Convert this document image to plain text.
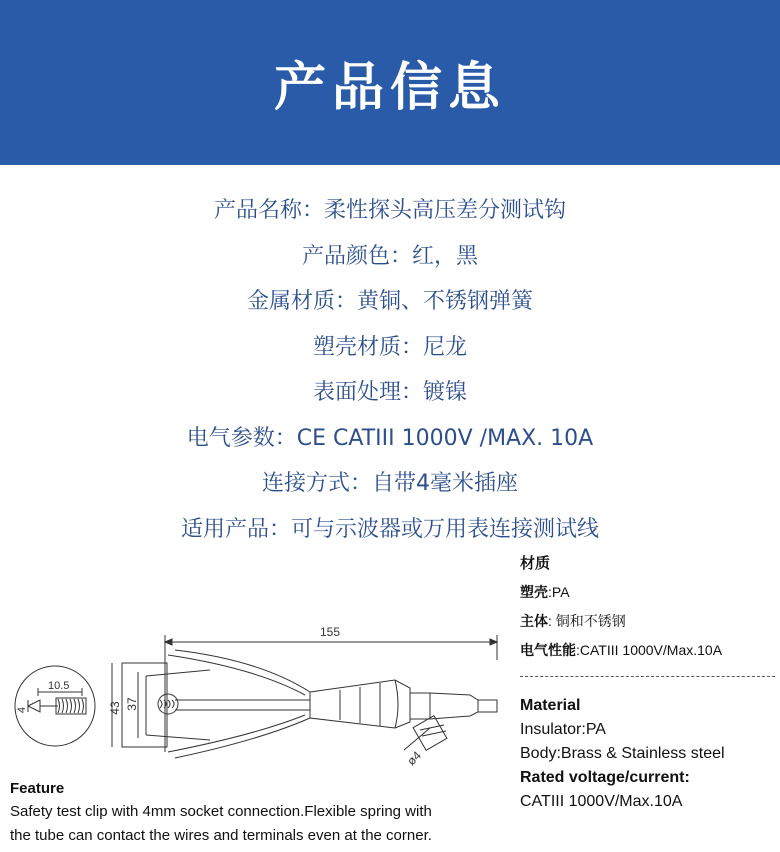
产品信息
产品名称：柔性探头高压差分测试钩
产品颜色：红，黑
金属材质：黄铜、不锈钢弹簧
塑壳材质：尼龙
表面处理：镀镍
电气参数：CE CATIII 1000V /MAX. 10A
连接方式：自带4毫米插座
适用产品：可与示波器或万用表连接测试线
155
43 37
10.5
4
ø4
材质
塑壳:PA
主体: 铜和不锈钢
电气性能:CATIII 1000V/Max.10A
Material
Insulator:PA
Body:Brass & Stainless steel
Rated voltage/current:
CATIII 1000V/Max.10A
Feature
Safety test clip with 4mm socket connection.Flexible spring with
the tube can contact the wires and terminals even at the corner.
